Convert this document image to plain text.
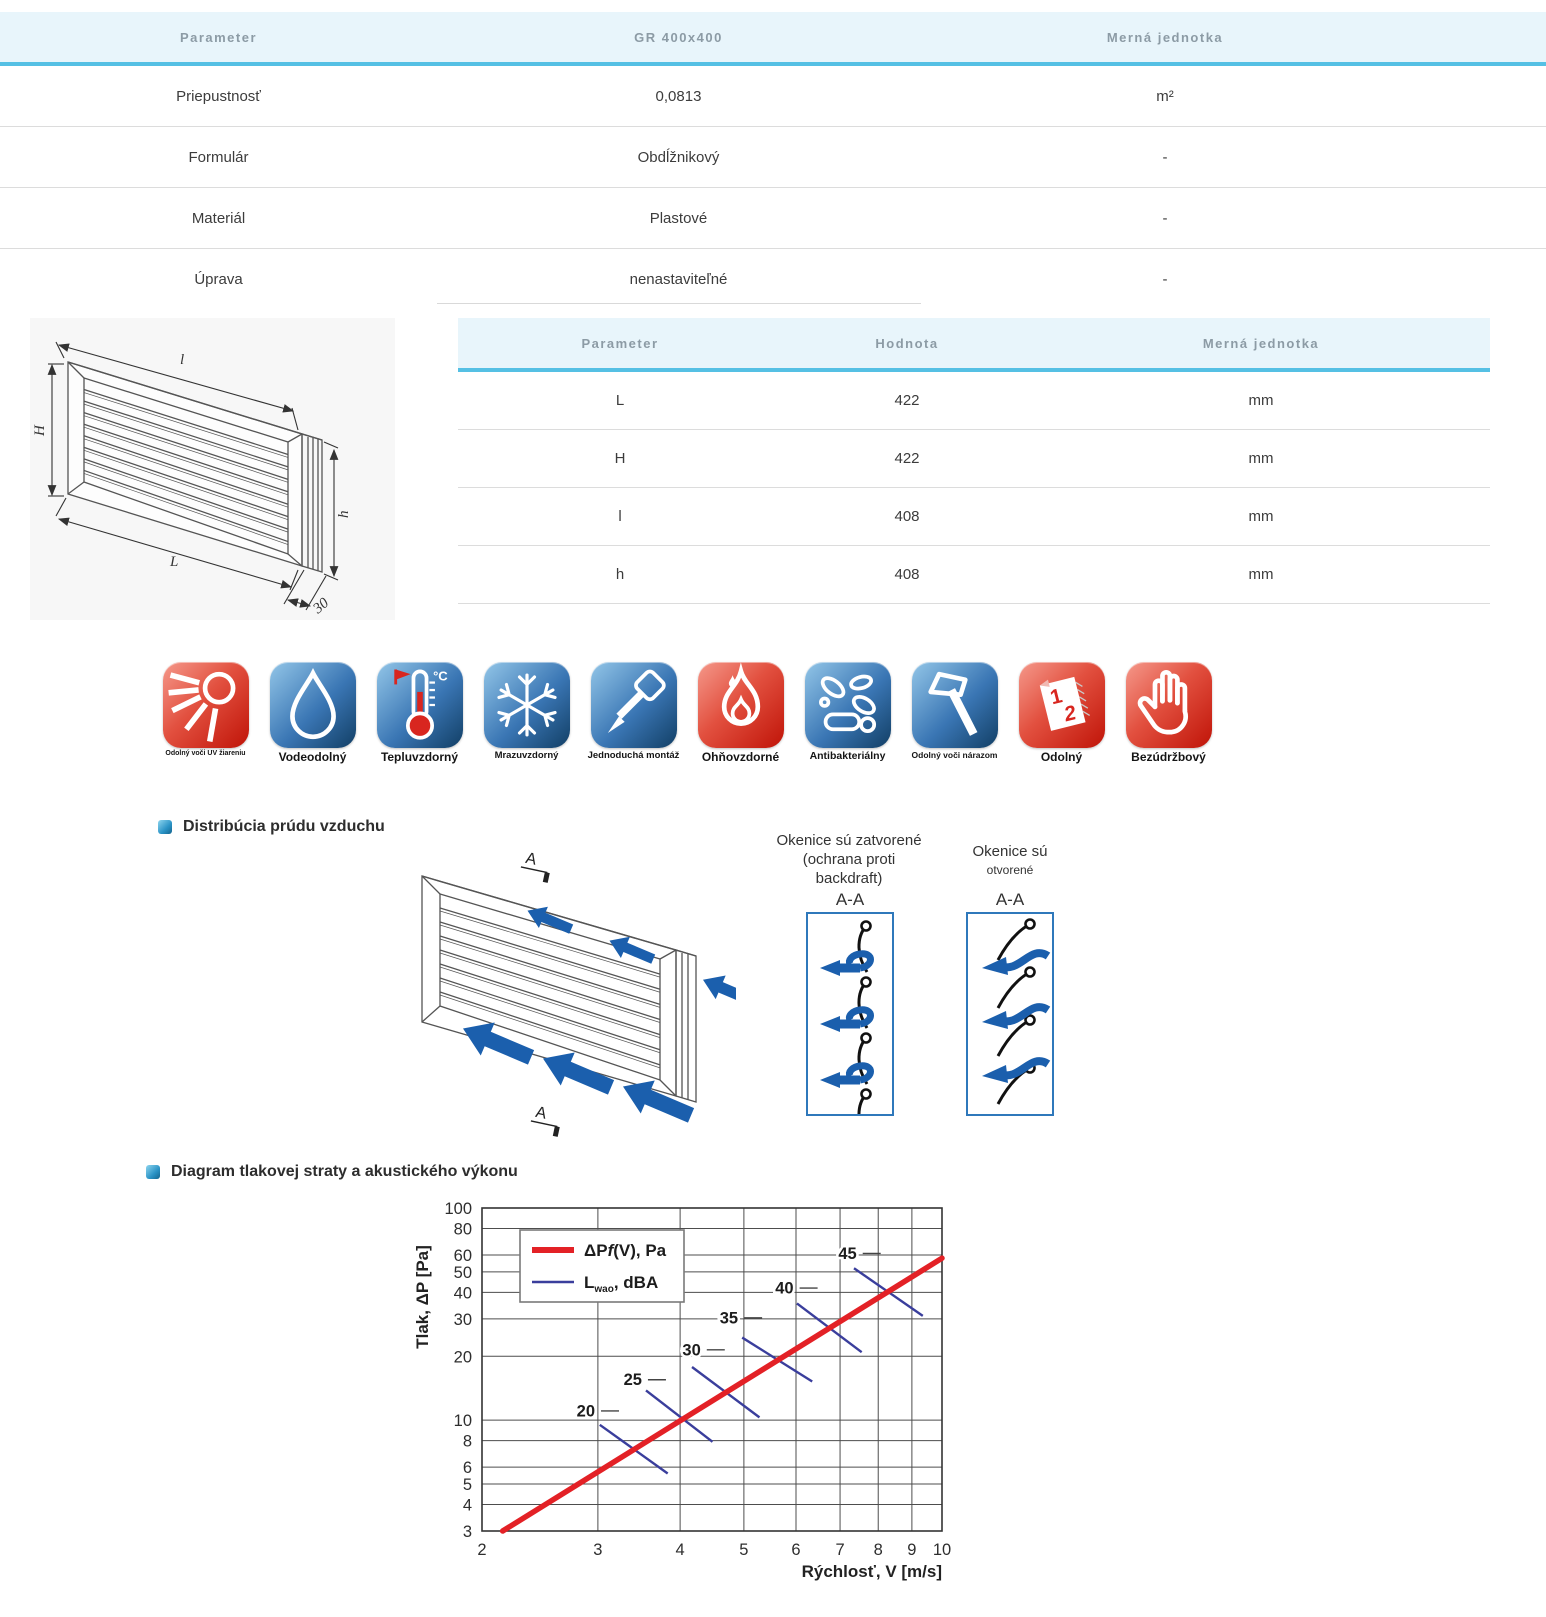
Parameter	GR 400x400	Merná jednotka
Priepustnosť	0,0813	m²
Formulár	Obdĺžnikový	-
Materiál	Plastové	-
Úprava	nenastaviteľné	-
l
H
L
h
30
Parameter	Hodnota	Merná jednotka
L	422	mm
H	422	mm
l	408	mm
h	408	mm
Odolný voči UV žiareniu	Vodeodolný
°C
Tepluvzdorný	Mrazuvzdorný	Jednoduchá montáž	Ohňovzdorné	Antibakteriálny	Odolný voči nárazom
1
2
Odolný	Bezúdržbový
Distribúcia prúdu vzduchu
A
A
Okenice sú zatvorené
(ochrana proti
backdraft)
Okenice sú
otvorené
A-A	A-A
Diagram tlakovej straty a akustického výkonu
2	3	4	5	6 7 8 9 10
3
4
5
6
8
10
20
30
40
50
60
80
100
20
25
30
35
40
45
ΔPf(V), Pa
$L_{wao}$, dBA
Tlak, ΔP [Pa]
Rýchlosť, V [m/s]
